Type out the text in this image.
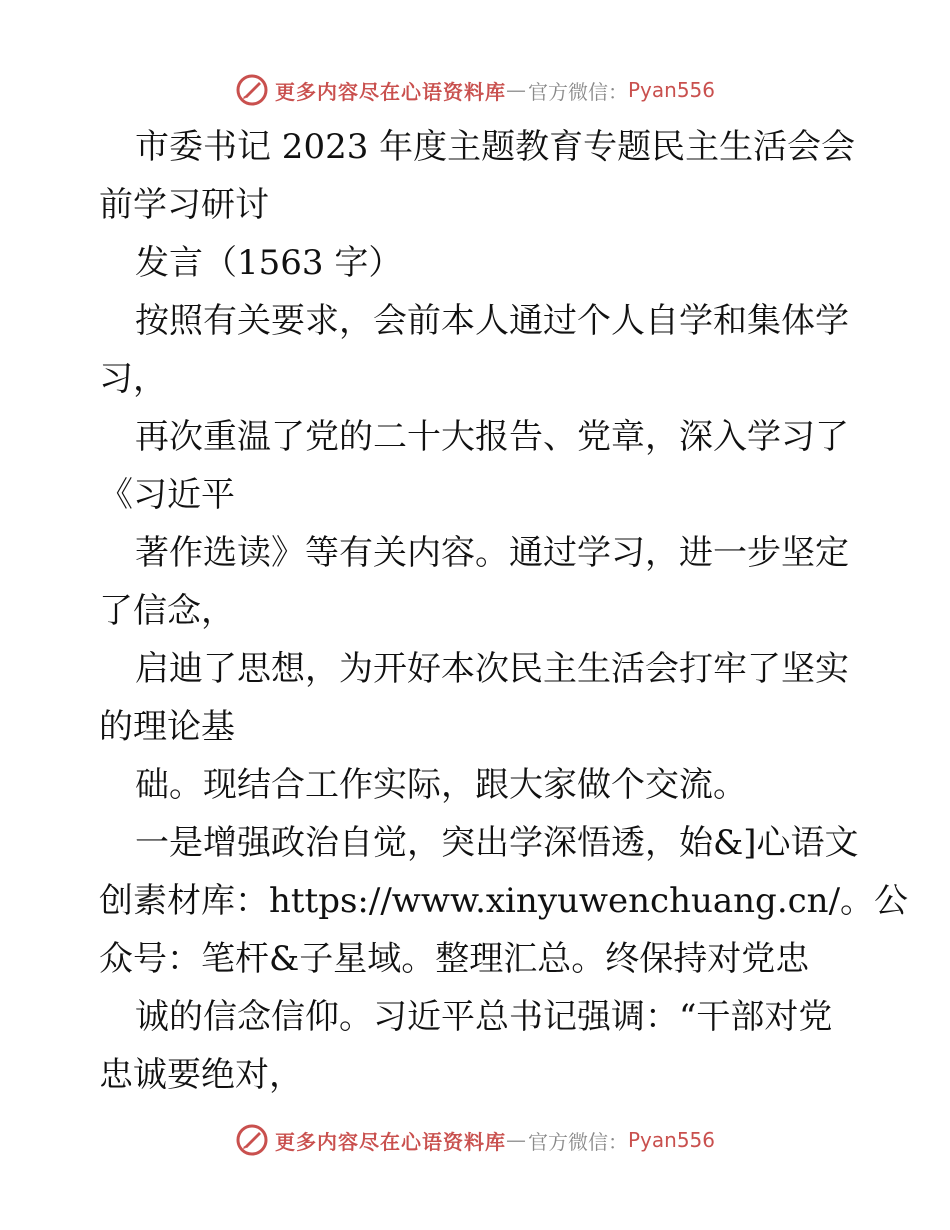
更多内容尽在心语资料库 — 官方微信： Pyan556
市委书记 2023 年度主题教育专题民主生活会会
前学习研讨
发言（1563 字）
按照有关要求，会前本人通过个人自学和集体学
习，
再次重温了党的二十大报告、党章，深入学习了
《习近平
著作选读》等有关内容。通过学习，进一步坚定
了信念，
启迪了思想，为开好本次民主生活会打牢了坚实
的理论基
础。现结合工作实际，跟大家做个交流。
一是增强政治自觉，突出学深悟透，始&]心语文
创素材库：https://www.xinyuwenchuang.cn/。公
众号：笔杆&子星域。整理汇总。终保持对党忠
诚的信念信仰。习近平总书记强调：“干部对党
忠诚要绝对，
更多内容尽在心语资料库 — 官方微信： Pyan556
